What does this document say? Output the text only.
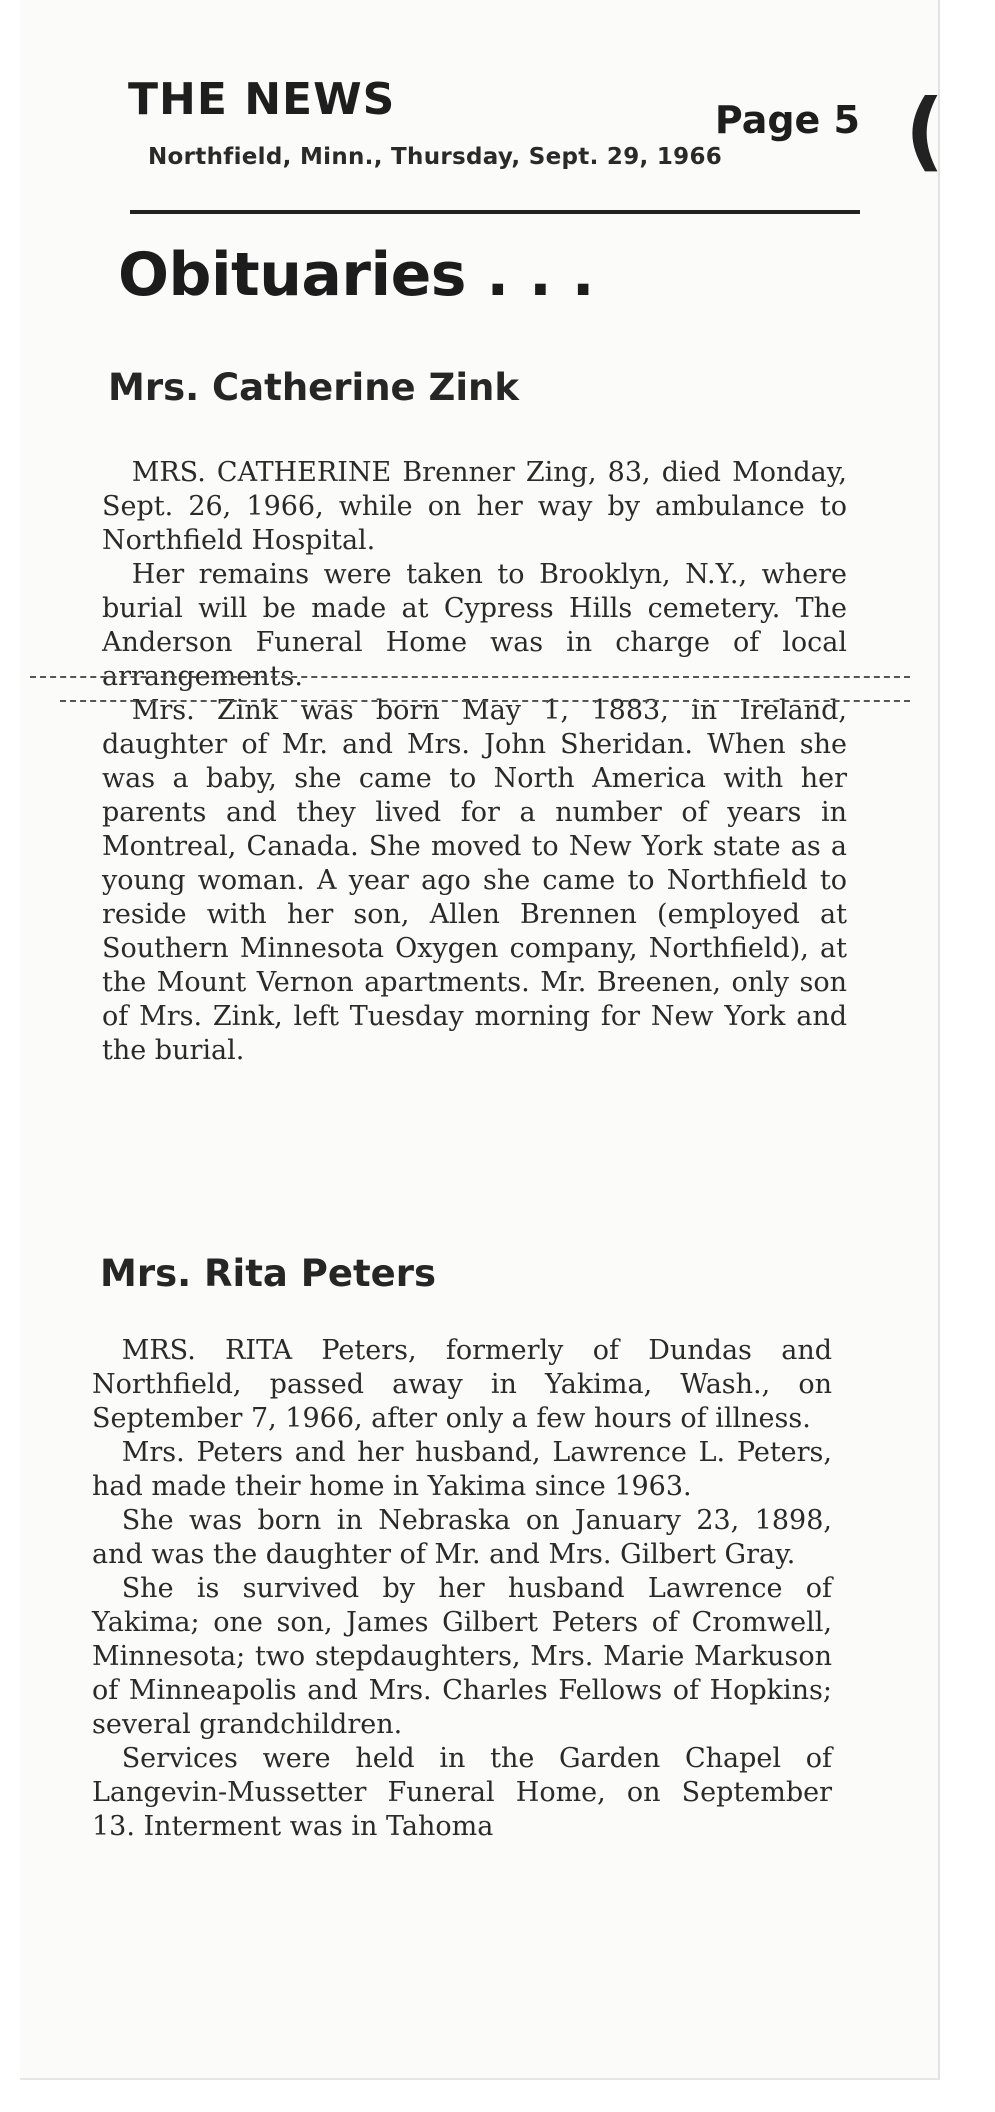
THE NEWS	Page 5
Northfield, Minn., Thursday, Sept. 29, 1966 (
Obituaries . . .
Mrs. Catherine Zink

MRS. CATHERINE Brenner Zing, 83, died Monday, Sept. 26, 1966, while on her way by ambulance to Northfield Hospital.

Her remains were taken to Brooklyn, N.Y., where burial will be made at Cypress Hills cemetery. The Anderson Funeral Home was in charge of local arrangements.

Mrs. Zink was born May 1, 1883, in Ireland, daughter of Mr. and Mrs. John Sheridan. When she was a baby, she came to North America with her parents and they lived for a number of years in Montreal, Canada. She moved to New York state as a young woman. A year ago she came to Northfield to reside with her son, Allen Brennen (employed at Southern Minnesota Oxygen company, Northfield), at the Mount Vernon apartments. Mr. Breenen, only son of Mrs. Zink, left Tuesday morning for New York and the burial.

Mrs. Rita Peters

MRS. RITA Peters, formerly of Dundas and Northfield, passed away in Yakima, Wash., on September 7, 1966, after only a few hours of illness.

Mrs. Peters and her husband, Lawrence L. Peters, had made their home in Yakima since 1963.

She was born in Nebraska on January 23, 1898, and was the daughter of Mr. and Mrs. Gilbert Gray.

She is survived by her husband Lawrence of Yakima; one son, James Gilbert Peters of Cromwell, Minnesota; two stepdaughters, Mrs. Marie Markuson of Minneapolis and Mrs. Charles Fellows of Hopkins; several grandchildren.

Services were held in the Garden Chapel of Langevin-Mussetter Funeral Home, on September 13. Interment was in Tahoma
